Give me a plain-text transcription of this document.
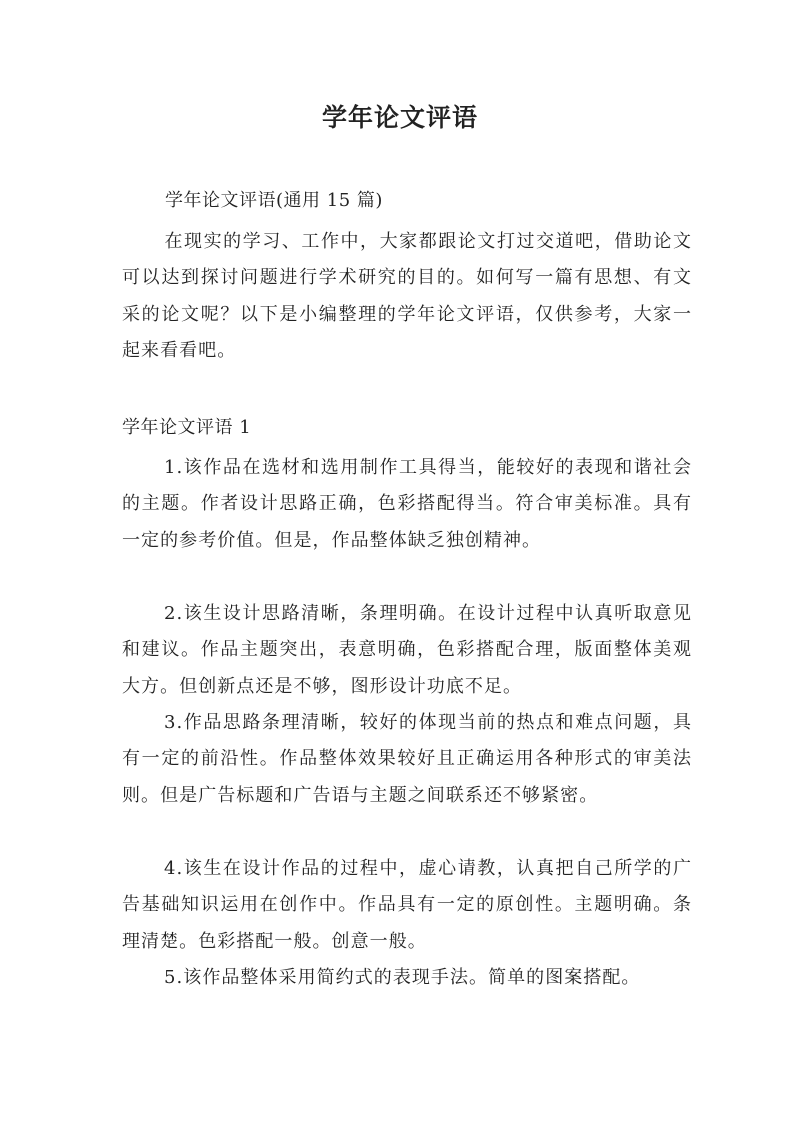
学年论文评语
学年论文评语(通用 15 篇)

在现实的学习、工作中，大家都跟论文打过交道吧，借助论文可以达到探讨问题进行学术研究的目的。如何写一篇有思想、有文采的论文呢？以下是小编整理的学年论文评语，仅供参考，大家一起来看看吧。

学年论文评语 1

1.该作品在选材和选用制作工具得当，能较好的表现和谐社会的主题。作者设计思路正确，色彩搭配得当。符合审美标准。具有一定的参考价值。但是，作品整体缺乏独创精神。

2.该生设计思路清晰，条理明确。在设计过程中认真听取意见和建议。作品主题突出，表意明确，色彩搭配合理，版面整体美观大方。但创新点还是不够，图形设计功底不足。

3.作品思路条理清晰，较好的体现当前的热点和难点问题，具有一定的前沿性。作品整体效果较好且正确运用各种形式的审美法则。但是广告标题和广告语与主题之间联系还不够紧密。

4.该生在设计作品的过程中，虚心请教，认真把自己所学的广告基础知识运用在创作中。作品具有一定的原创性。主题明确。条理清楚。色彩搭配一般。创意一般。

5.该作品整体采用简约式的表现手法。简单的图案搭配。
